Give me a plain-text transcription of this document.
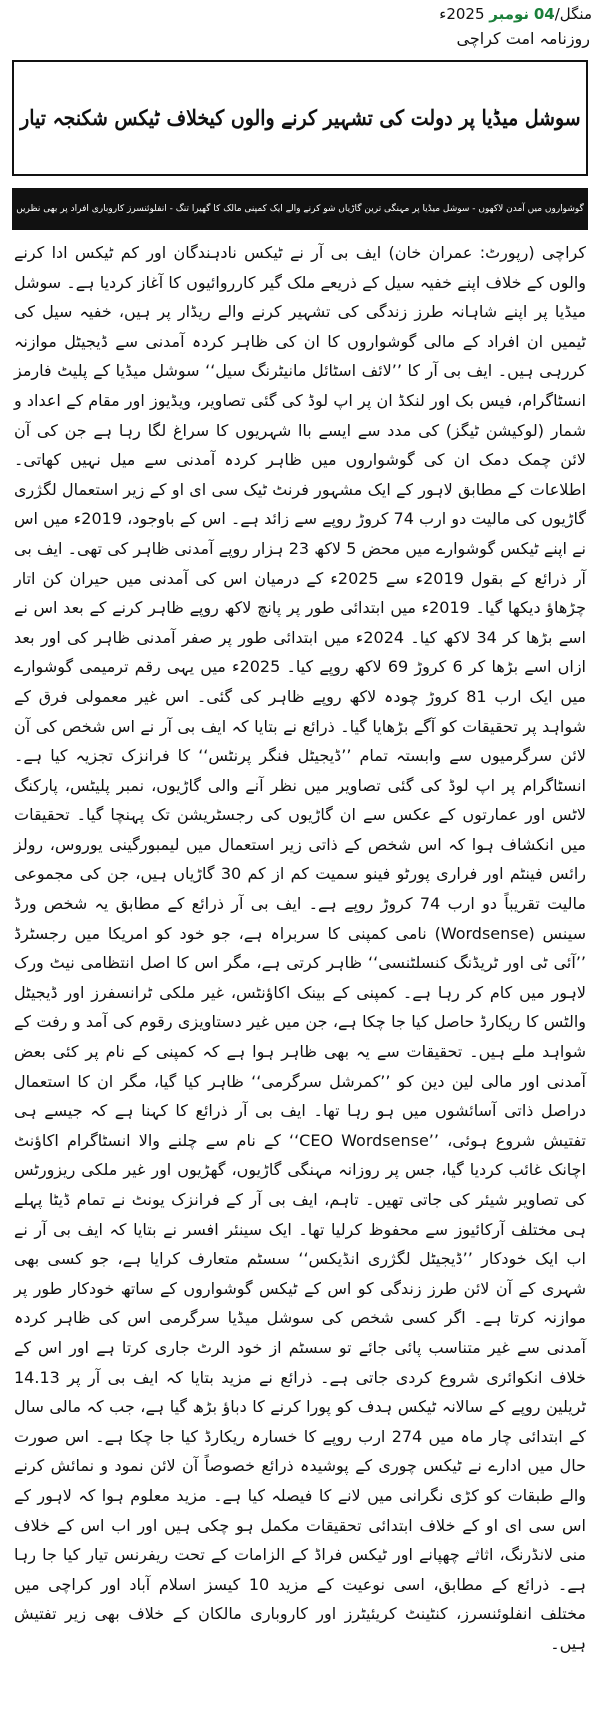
منگل/04 نومبر 2025ء
روزنامہ امت کراچی
سوشل میڈیا پر دولت کی تشہیر کرنے والوں کیخلاف ٹیکس شکنجہ تیار
گوشواروں میں آمدن لاکھوں - سوشل میڈیا پر مہنگی ترین گاڑیاں شو کرنے والے ایک کمپنی مالک کا گھیرا تنگ - انفلوئنسرز کاروباری افراد پر بھی نظریں

کراچی (رپورٹ: عمران خان) ایف بی آر نے ٹیکس نادہندگان اور کم ٹیکس ادا کرنے والوں کے خلاف اپنے خفیہ سیل کے ذریعے ملک گیر کارروائیوں کا آغاز کردیا ہے۔ سوشل میڈیا پر اپنے شاہانہ طرز زندگی کی تشہیر کرنے والے ریڈار پر ہیں، خفیہ سیل کی ٹیمیں ان افراد کے مالی گوشواروں کا ان کی ظاہر کردہ آمدنی سے ڈیجیٹل موازنہ کررہی ہیں۔ ایف بی آر کا ’’لائف اسٹائل مانیٹرنگ سیل‘‘ سوشل میڈیا کے پلیٹ فارمز انسٹاگرام، فیس بک اور لنکڈ ان پر اپ لوڈ کی گئی تصاویر، ویڈیوز اور مقام کے اعداد و شمار (لوکیشن ٹیگز) کی مدد سے ایسے باا شہریوں کا سراغ لگا رہا ہے جن کی آن لائن چمک دمک ان کی گوشواروں میں ظاہر کردہ آمدنی سے میل نہیں کھاتی۔ اطلاعات کے مطابق لاہور کے ایک مشہور فرنٹ ٹیک سی ای او کے زیر استعمال لگژری گاڑیوں کی مالیت دو ارب 74 کروڑ روپے سے زائد ہے۔ اس کے باوجود، 2019ء میں اس نے اپنے ٹیکس گوشوارے میں محض 5 لاکھ 23 ہزار روپے آمدنی ظاہر کی تھی۔ ایف بی آر ذرائع کے بقول 2019ء سے 2025ء کے درمیان اس کی آمدنی میں حیران کن اتار چڑھاؤ دیکھا گیا۔ 2019ء میں ابتدائی طور پر پانچ لاکھ روپے ظاہر کرنے کے بعد اس نے اسے بڑھا کر 34 لاکھ کیا۔ 2024ء میں ابتدائی طور پر صفر آمدنی ظاہر کی اور بعد ازاں اسے بڑھا کر 6 کروڑ 69 لاکھ روپے کیا۔ 2025ء میں یہی رقم ترمیمی گوشوارے میں ایک ارب 81 کروڑ چودہ لاکھ روپے ظاہر کی گئی۔ اس غیر معمولی فرق کے شواہد پر تحقیقات کو آگے بڑھایا گیا۔ ذرائع نے بتایا کہ ایف بی آر نے اس شخص کی آن لائن سرگرمیوں سے وابستہ تمام ’’ڈیجیٹل فنگر پرنٹس‘‘ کا فرانزک تجزیہ کیا ہے۔ انسٹاگرام پر اپ لوڈ کی گئی تصاویر میں نظر آنے والی گاڑیوں، نمبر پلیٹس، پارکنگ لاٹس اور عمارتوں کے عکس سے ان گاڑیوں کی رجسٹریشن تک پہنچا گیا۔ تحقیقات میں انکشاف ہوا کہ اس شخص کے ذاتی زیر استعمال میں لیمبورگینی یوروس، رولز رائس فینٹم اور فراری پورٹو فینو سمیت کم از کم 30 گاڑیاں ہیں، جن کی مجموعی مالیت تقریباً دو ارب 74 کروڑ روپے ہے۔ ایف بی آر ذرائع کے مطابق یہ شخص ورڈ سینس (Wordsense) نامی کمپنی کا سربراہ ہے، جو خود کو امریکا میں رجسٹرڈ ’’آئی ٹی اور ٹریڈنگ کنسلٹنسی‘‘ ظاہر کرتی ہے، مگر اس کا اصل انتظامی نیٹ ورک لاہور میں کام کر رہا ہے۔ کمپنی کے بینک اکاؤنٹس، غیر ملکی ٹرانسفرز اور ڈیجیٹل والٹس کا ریکارڈ حاصل کیا جا چکا ہے، جن میں غیر دستاویزی رقوم کی آمد و رفت کے شواہد ملے ہیں۔ تحقیقات سے یہ بھی ظاہر ہوا ہے کہ کمپنی کے نام پر کئی بعض آمدنی اور مالی لین دین کو ’’کمرشل سرگرمی‘‘ ظاہر کیا گیا، مگر ان کا استعمال دراصل ذاتی آسائشوں میں ہو رہا تھا۔ ایف بی آر ذرائع کا کہنا ہے کہ جیسے ہی تفتیش شروع ہوئی، ’’CEO Wordsense‘‘ کے نام سے چلنے والا انسٹاگرام اکاؤنٹ اچانک غائب کردیا گیا، جس پر روزانہ مہنگی گاڑیوں، گھڑیوں اور غیر ملکی ریزورٹس کی تصاویر شیئر کی جاتی تھیں۔ تاہم، ایف بی آر کے فرانزک یونٹ نے تمام ڈیٹا پہلے ہی مختلف آرکائیوز سے محفوظ کرلیا تھا۔ ایک سینئر افسر نے بتایا کہ ایف بی آر نے اب ایک خودکار ’’ڈیجیٹل لگژری انڈیکس‘‘ سسٹم متعارف کرایا ہے، جو کسی بھی شہری کے آن لائن طرز زندگی کو اس کے ٹیکس گوشواروں کے ساتھ خودکار طور پر موازنہ کرتا ہے۔ اگر کسی شخص کی سوشل میڈیا سرگرمی اس کی ظاہر کردہ آمدنی سے غیر متناسب پائی جائے تو سسٹم از خود الرٹ جاری کرتا ہے اور اس کے خلاف انکوائری شروع کردی جاتی ہے۔ ذرائع نے مزید بتایا کہ ایف بی آر پر 14.13 ٹریلین روپے کے سالانہ ٹیکس ہدف کو پورا کرنے کا دباؤ بڑھ گیا ہے، جب کہ مالی سال کے ابتدائی چار ماہ میں 274 ارب روپے کا خسارہ ریکارڈ کیا جا چکا ہے۔ اس صورت حال میں ادارے نے ٹیکس چوری کے پوشیدہ ذرائع خصوصاً آن لائن نمود و نمائش کرنے والے طبقات کو کڑی نگرانی میں لانے کا فیصلہ کیا ہے۔ مزید معلوم ہوا کہ لاہور کے اس سی ای او کے خلاف ابتدائی تحقیقات مکمل ہو چکی ہیں اور اب اس کے خلاف منی لانڈرنگ، اثاثے چھپانے اور ٹیکس فراڈ کے الزامات کے تحت ریفرنس تیار کیا جا رہا ہے۔ ذرائع کے مطابق، اسی نوعیت کے مزید 10 کیسز اسلام آباد اور کراچی میں مختلف انفلوئنسرز، کنٹینٹ کریئیٹرز اور کاروباری مالکان کے خلاف بھی زیر تفتیش ہیں۔
